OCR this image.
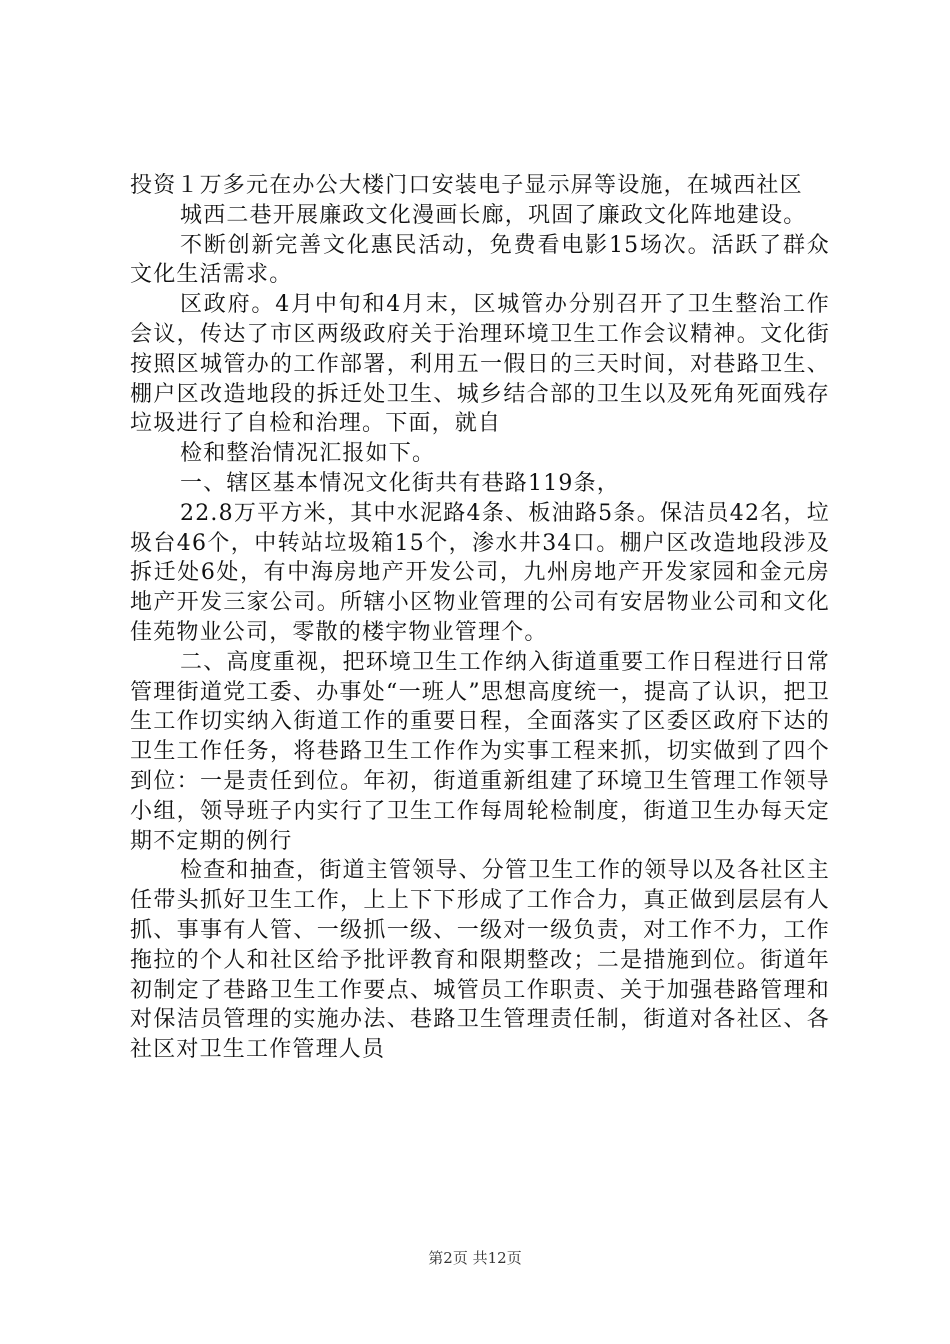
投资１万多元在办公大楼门口安装电子显示屏等设施，在城西社区

城西二巷开展廉政文化漫画长廊，巩固了廉政文化阵地建设。

不断创新完善文化惠民活动，免费看电影15场次。活跃了群众文化生活需求。

区政府。4月中旬和4月末，区城管办分别召开了卫生整治工作会议，传达了市区两级政府关于治理环境卫生工作会议精神。文化街按照区城管办的工作部署，利用五一假日的三天时间，对巷路卫生、棚户区改造地段的拆迁处卫生、城乡结合部的卫生以及死角死面残存垃圾进行了自检和治理。下面，就自

检和整治情况汇报如下。

一、辖区基本情况文化街共有巷路119条，

22.8万平方米，其中水泥路4条、板油路5条。保洁员42名，垃圾台46个，中转站垃圾箱15个，渗水井34口。棚户区改造地段涉及拆迁处6处，有中海房地产开发公司，九州房地产开发家园和金元房地产开发三家公司。所辖小区物业管理的公司有安居物业公司和文化佳苑物业公司，零散的楼宇物业管理个。

二、高度重视，把环境卫生工作纳入街道重要工作日程进行日常管理街道党工委、办事处“一班人”思想高度统一，提高了认识，把卫生工作切实纳入街道工作的重要日程，全面落实了区委区政府下达的卫生工作任务，将巷路卫生工作作为实事工程来抓，切实做到了四个到位：一是责任到位。年初，街道重新组建了环境卫生管理工作领导小组，领导班子内实行了卫生工作每周轮检制度，街道卫生办每天定期不定期的例行

检查和抽查，街道主管领导、分管卫生工作的领导以及各社区主任带头抓好卫生工作，上上下下形成了工作合力，真正做到层层有人抓、事事有人管、一级抓一级、一级对一级负责，对工作不力，工作拖拉的个人和社区给予批评教育和限期整改；二是措施到位。街道年初制定了巷路卫生工作要点、城管员工作职责、关于加强巷路管理和对保洁员管理的实施办法、巷路卫生管理责任制，街道对各社区、各社区对卫生工作管理人员

第2页 共12页
